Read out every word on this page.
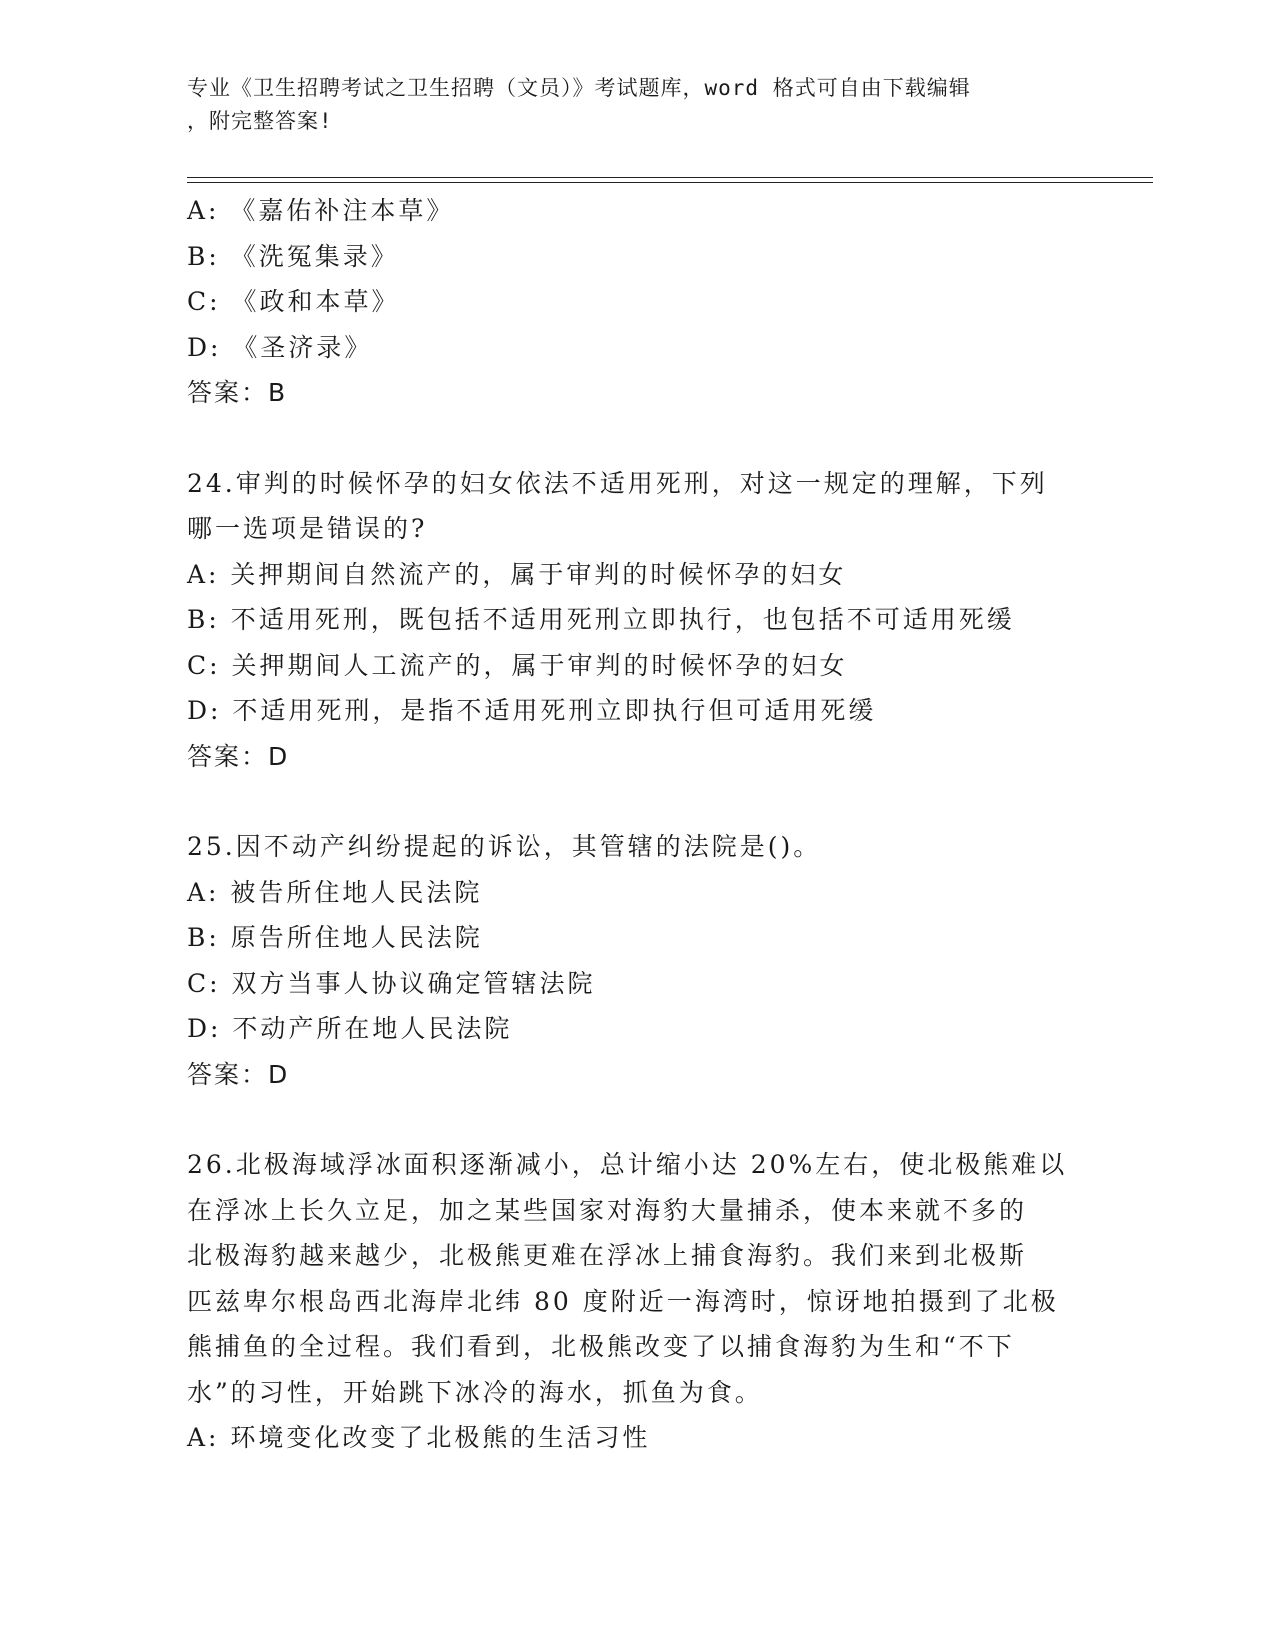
专业《卫生招聘考试之卫生招聘（文员）》考试题库，word 格式可自由下载编辑
，附完整答案!
A: 《嘉佑补注本草》
B: 《洗冤集录》
C: 《政和本草》
D: 《圣济录》
答案：B
24.审判的时候怀孕的妇女依法不适用死刑，对这一规定的理解，下列
哪一选项是错误的?
A: 关押期间自然流产的，属于审判的时候怀孕的妇女
B: 不适用死刑，既包括不适用死刑立即执行，也包括不可适用死缓
C: 关押期间人工流产的，属于审判的时候怀孕的妇女
D: 不适用死刑，是指不适用死刑立即执行但可适用死缓
答案：D
25.因不动产纠纷提起的诉讼，其管辖的法院是()。
A: 被告所住地人民法院
B: 原告所住地人民法院
C: 双方当事人协议确定管辖法院
D: 不动产所在地人民法院
答案：D
26.北极海域浮冰面积逐渐减小，总计缩小达 20%左右，使北极熊难以
在浮冰上长久立足，加之某些国家对海豹大量捕杀，使本来就不多的
北极海豹越来越少，北极熊更难在浮冰上捕食海豹。我们来到北极斯
匹兹卑尔根岛西北海岸北纬 80 度附近一海湾时，惊讶地拍摄到了北极
熊捕鱼的全过程。我们看到，北极熊改变了以捕食海豹为生和“不下
水”的习性，开始跳下冰冷的海水，抓鱼为食。
A: 环境变化改变了北极熊的生活习性
